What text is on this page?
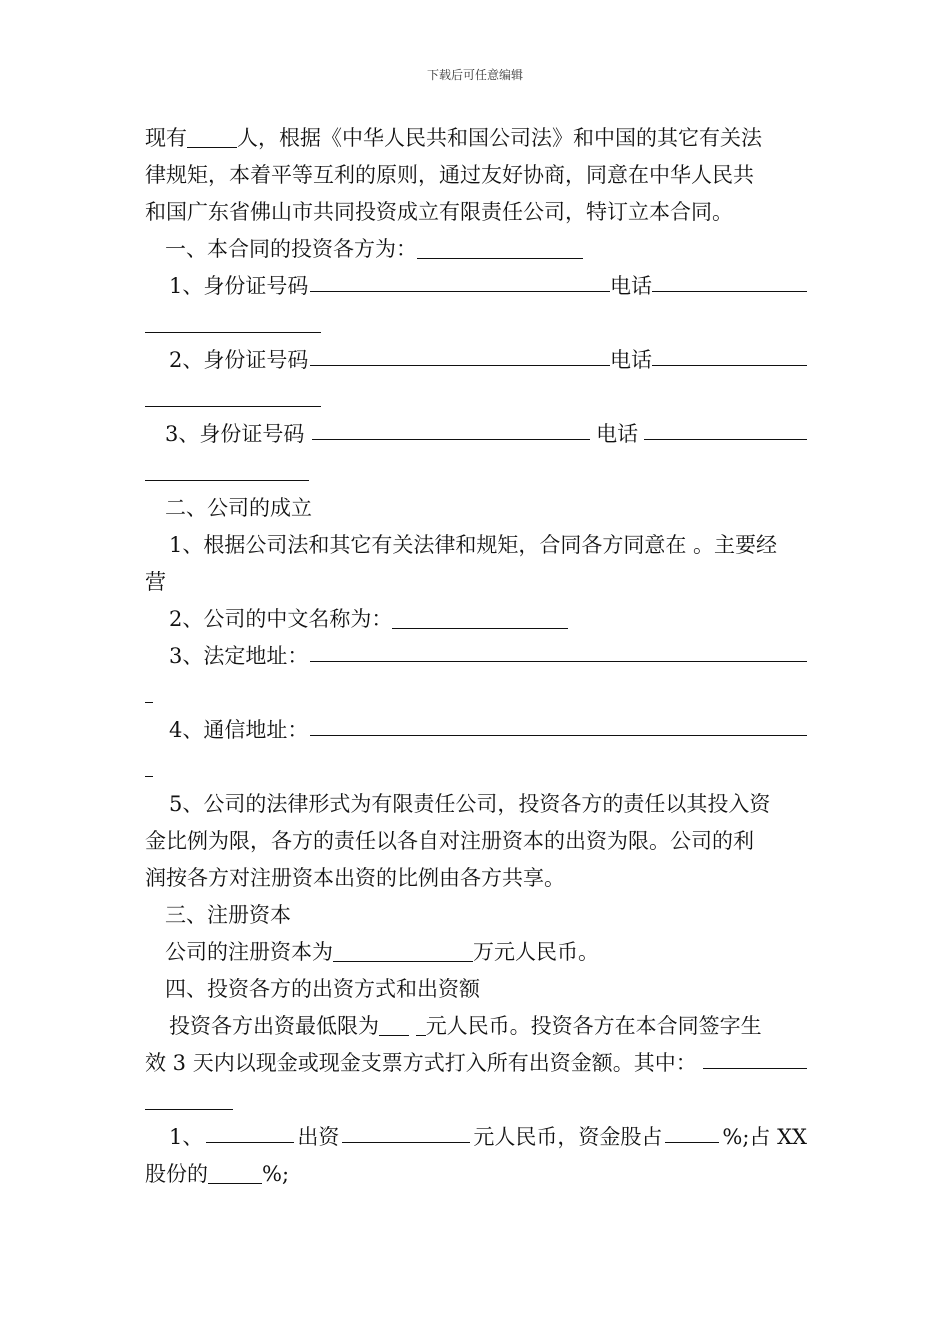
下载后可任意编辑
现有 人，根据《中华人民共和国公司法》和中国的其它有关法
律规矩，本着平等互利的原则，通过友好协商，同意在中华人民共
和国广东省佛山市共同投资成立有限责任公司，特订立本合同。
一、本合同的投资各方为：
1、身份证号码	电话
2、身份证号码	电话
3、身份证号码	电话
二、公司的成立
1、根据公司法和其它有关法律和规矩，合同各方同意在 。主要经
营
2、公司的中文名称为：
3、法定地址：
4、通信地址：
5、公司的法律形式为有限责任公司，投资各方的责任以其投入资
金比例为限，各方的责任以各自对注册资本的出资为限。公司的利
润按各方对注册资本出资的比例由各方共享。
三、注册资本
公司的注册资本为	万元人民币。
四、投资各方的出资方式和出资额
投资各方出资最低限为 元人民币。投资各方在本合同签字生
效 3 天内以现金或现金支票方式打入所有出资金额。其中：
1、	出资	元人民币，资金股占	%;占 XX
股份的	%;
